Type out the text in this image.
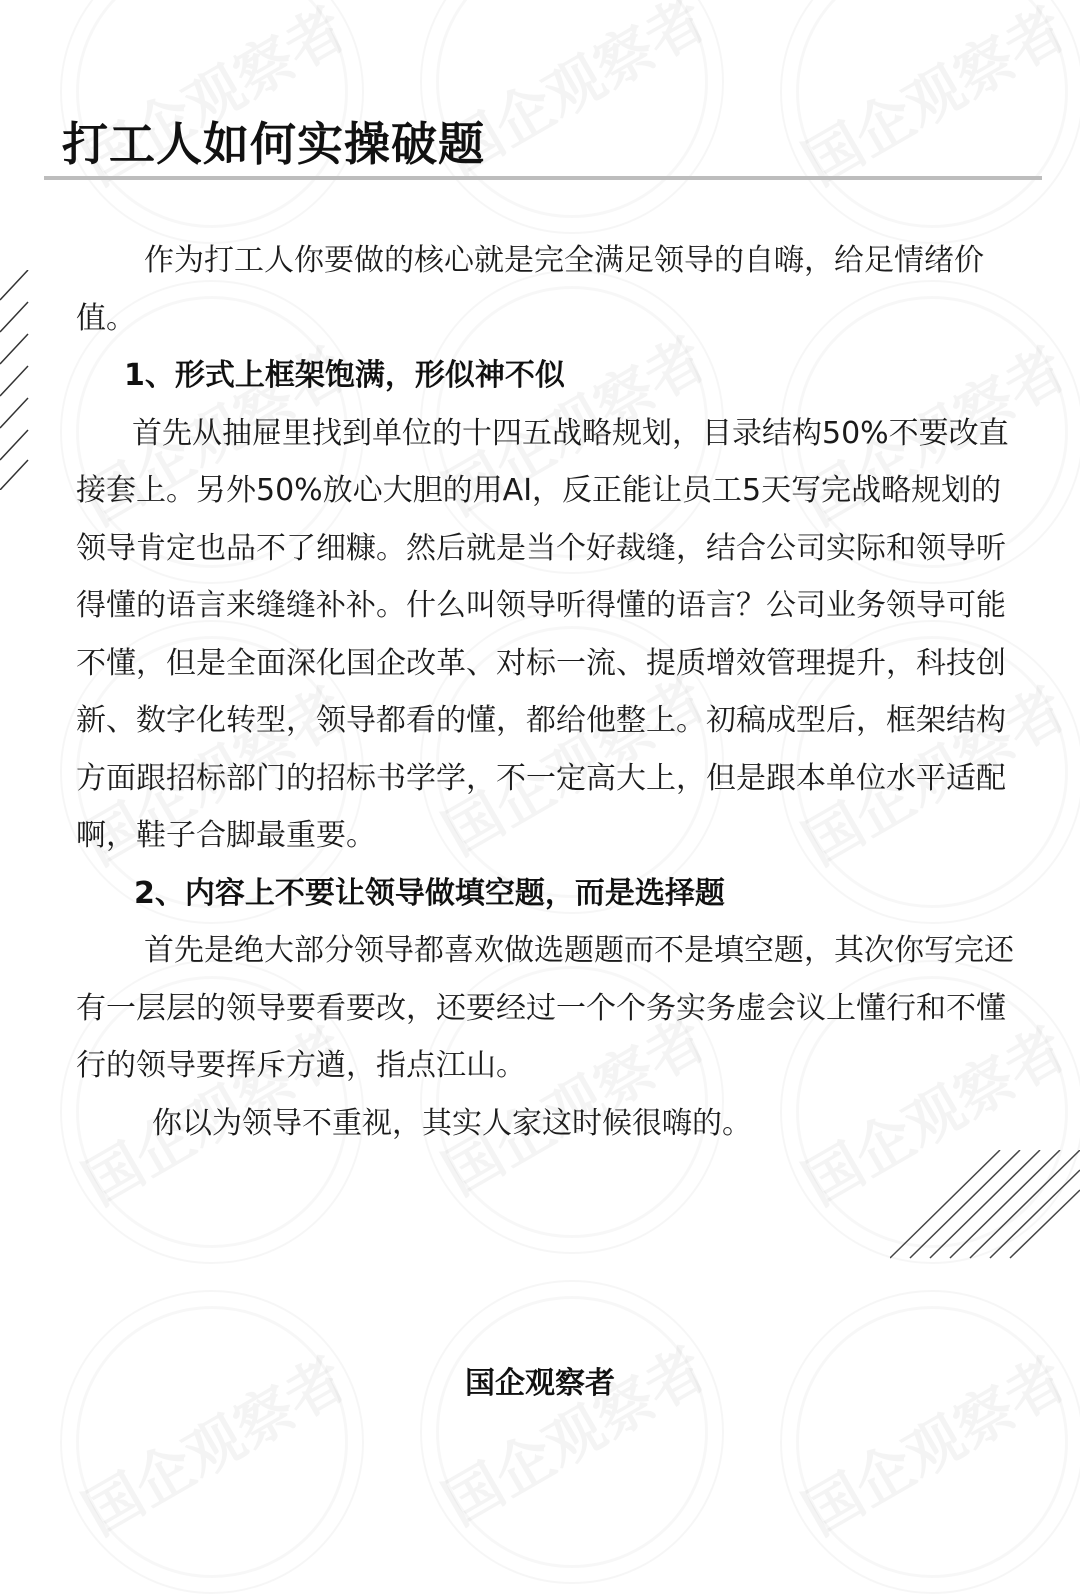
打工人如何实操破题

作为打工人你要做的核心就是完全满足领导的自嗨，给足情绪价值。

1、形式上框架饱满，形似神不似

首先从抽屉里找到单位的十四五战略规划，目录结构50%不要改直接套上。另外50%放心大胆的用AI，反正能让员工5天写完战略规划的领导肯定也品不了细糠。然后就是当个好裁缝，结合公司实际和领导听得懂的语言来缝缝补补。什么叫领导听得懂的语言？公司业务领导可能不懂，但是全面深化国企改革、对标一流、提质增效管理提升，科技创新、数字化转型，领导都看的懂，都给他整上。初稿成型后，框架结构方面跟招标部门的招标书学学，不一定高大上，但是跟本单位水平适配啊，鞋子合脚最重要。

2、内容上不要让领导做填空题，而是选择题

首先是绝大部分领导都喜欢做选题题而不是填空题，其次你写完还有一层层的领导要看要改，还要经过一个个务实务虚会议上懂行和不懂行的领导要挥斥方遒，指点江山。

你以为领导不重视，其实人家这时候很嗨的。

国企观察者
